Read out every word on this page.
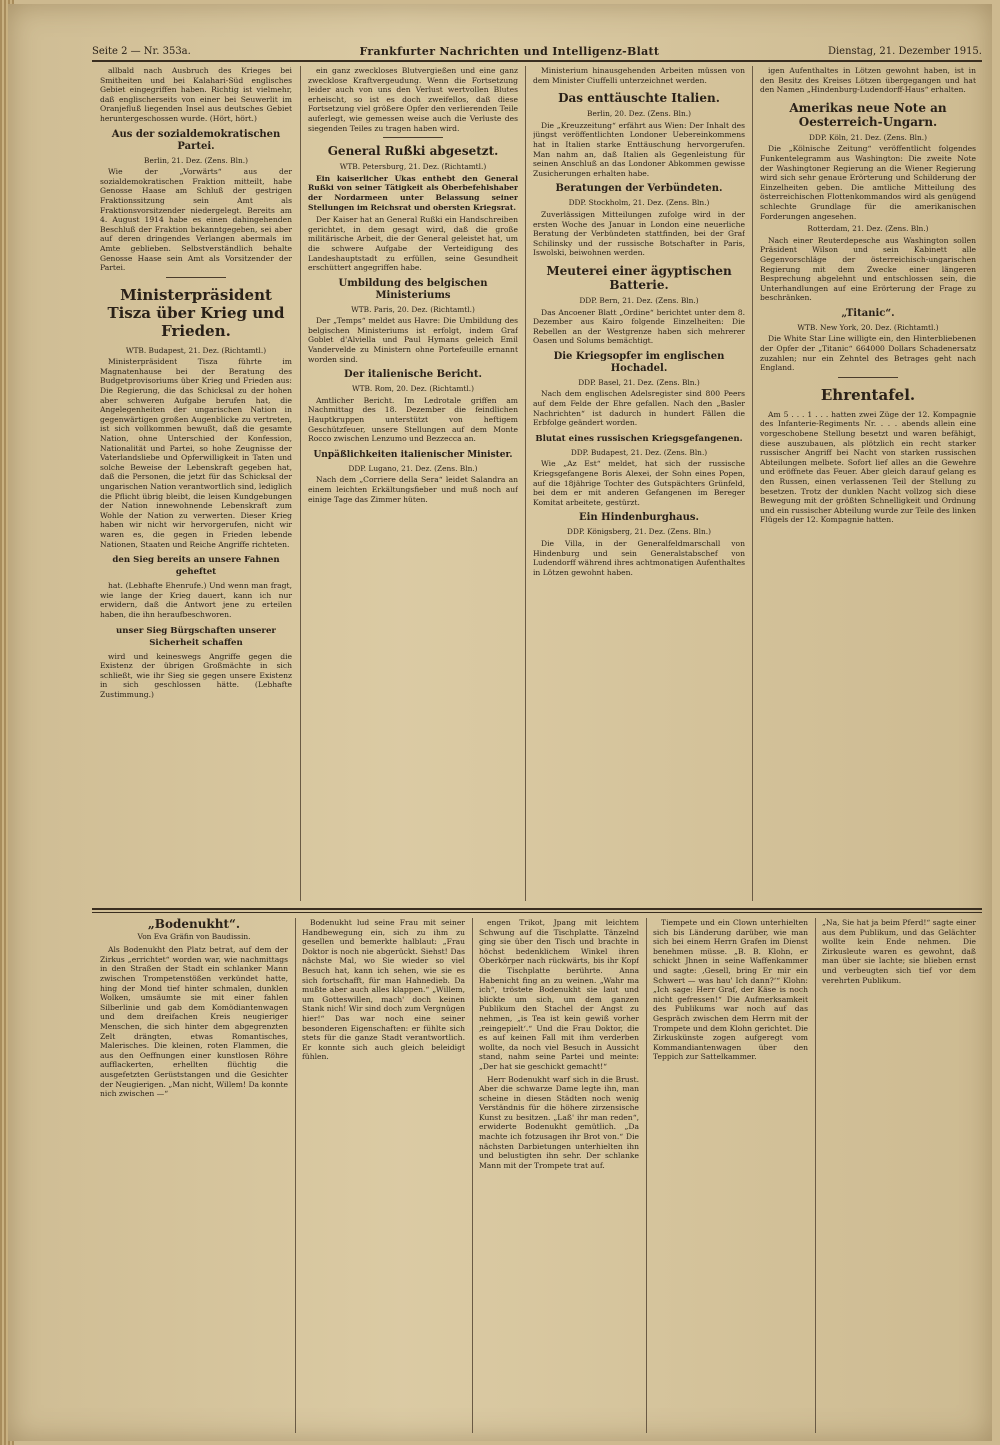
Seite 2 — Nr. 353a.	Frankfurter Nachrichten und Intelligenz-Blatt	Dienstag, 21. Dezember 1915.

allbald nach Ausbruch des Krieges bei Smitheiten und bei Kalahari-Süd englisches Gebiet eingegriffen haben. Richtig ist vielmehr, daß englischerseits von einer bei Seuwerlit im Oranjefluß liegenden Insel aus deutsches Gebiet heruntergeschossen wurde. (Hört, hört.)

Aus der sozialdemokratischen Partei.
Berlin, 21. Dez. (Zens. Bln.)

Wie der „Vorwärts“ aus der sozialdemokratischen Fraktion mitteilt, habe Genosse Haase am Schluß der gestrigen Fraktionssitzung sein Amt als Fraktionsvorsitzender niedergelegt. Bereits am 4. August 1914 habe es einen dahingehenden Beschluß der Fraktion bekanntgegeben, sei aber auf deren dringendes Verlangen abermals im Amte geblieben. Selbstverständlich behalte Genosse Haase sein Amt als Vorsitzender der Partei.

Ministerpräsident Tisza über Krieg und Frieden.
WTB. Budapest, 21. Dez. (Richtamtl.)

Ministerpräsident Tisza führte im Magnatenhause bei der Beratung des Budgetprovisoriums über Krieg und Frieden aus: Die Regierung, die das Schicksal zu der hohen aber schweren Aufgabe berufen hat, die Angelegenheiten der ungarischen Nation in gegenwärtigen großen Augenblicke zu vertreten, ist sich vollkommen bewußt, daß die gesamte Nation, ohne Unterschied der Konfession, Nationalität und Partei, so hohe Zeugnisse der Vaterlandsliebe und Opferwilligkeit in Taten und solche Beweise der Lebenskraft gegeben hat, daß die Personen, die jetzt für das Schicksal der ungarischen Nation verantwortlich sind, lediglich die Pflicht übrig bleibt, die leisen Kundgebungen der Nation innewohnende Lebenskraft zum Wohle der Nation zu verwerten. Dieser Krieg haben wir nicht wir hervorgerufen, nicht wir waren es, die gegen in Frieden lebende Nationen, Staaten und Reiche Angriffe richteten.

den Sieg bereits an unsere Fahnen geheftet

hat. (Lebhafte Ehenrufe.) Und wenn man fragt, wie lange der Krieg dauert, kann ich nur erwidern, daß die Antwort jene zu erteilen haben, die ihn heraufbeschworen.

unser Sieg Bürgschaften unserer Sicherheit schaffen

wird und keineswegs Angriffe gegen die Existenz der übrigen Großmächte in sich schließt, wie ihr Sieg sie gegen unsere Existenz in sich geschlossen hätte. (Lebhafte Zustimmung.)

ein ganz zweckloses Blutvergießen und eine ganz zwecklose Kraftvergeudung. Wenn die Fortsetzung leider auch von uns den Verlust wertvollen Blutes erheischt, so ist es doch zweifellos, daß diese Fortsetzung viel größere Opfer den verlierenden Teile auferlegt, wie gemessen weise auch die Verluste des siegenden Teiles zu tragen haben wird.

General Rußki abgesetzt.
WTB. Petersburg, 21. Dez. (Richtamtl.)

Ein kaiserlicher Ukas enthebt den General Rußki von seiner Tätigkeit als Oberbefehlshaber der Nordarmeen unter Belassung seiner Stellungen im Reichsrat und obersten Kriegsrat.

Der Kaiser hat an General Rußki ein Handschreiben gerichtet, in dem gesagt wird, daß die große militärische Arbeit, die der General geleistet hat, um die schwere Aufgabe der Verteidigung des Landeshauptstadt zu erfüllen, seine Gesundheit erschüttert angegriffen habe.

Umbildung des belgischen Ministeriums
WTB. Paris, 20. Dez. (Richtamtl.)

Der „Temps“ meldet aus Havre: Die Umbildung des belgischen Ministeriums ist erfolgt, indem Graf Goblet d'Alviella und Paul Hymans geleich Emil Vandervelde zu Ministern ohne Portefeuille ernannt worden sind.

Der italienische Bericht.
WTB. Rom, 20. Dez. (Richtamtl.)

Amtlicher Bericht. Im Ledrotale griffen am Nachmittag des 18. Dezember die feindlichen Hauptkruppen unterstützt von heftigem Geschützfeuer, unsere Stellungen auf dem Monte Rocco zwischen Lenzumo und Bezzecca an.

Unpäßlichkeiten italienischer Minister.
DDP. Lugano, 21. Dez. (Zens. Bln.)

Nach dem „Corriere della Sera“ leidet Salandra an einem leichten Erkältungsfieber und muß noch auf einige Tage das Zimmer hüten.

Ministerium hinausgehenden Arbeiten müssen von dem Minister Ciuffelli unterzeichnet werden.

Das enttäuschte Italien.
Berlin, 20. Dez. (Zens. Bln.)

Die „Kreuzzeitung“ erfährt aus Wien: Der Inhalt des jüngst veröffentlichten Londoner Uebereinkommens hat in Italien starke Enttäuschung hervorgerufen. Man nahm an, daß Italien als Gegenleistung für seinen Anschluß an das Londoner Abkommen gewisse Zusicherungen erhalten habe.

Beratungen der Verbündeten.
DDP. Stockholm, 21. Dez. (Zens. Bln.)

Zuverlässigen Mitteilungen zufolge wird in der ersten Woche des Januar in London eine neuerliche Beratung der Verbündeten stattfinden, bei der Graf Schilinsky und der russische Botschafter in Paris, Iswolski, beiwohnen werden.

Meuterei einer ägyptischen Batterie.
DDP. Bern, 21. Dez. (Zens. Bln.)

Das Ancoener Blatt „Ordine“ berichtet unter dem 8. Dezember aus Kairo folgende Einzelheiten: Die Rebellen an der Westgrenze haben sich mehrerer Oasen und Solums bemächtigt.

Die Kriegsopfer im englischen Hochadel.
DDP. Basel, 21. Dez. (Zens. Bln.)

Nach dem englischen Adelsregister sind 800 Peers auf dem Felde der Ehre gefallen. Nach den „Basler Nachrichten“ ist dadurch in hundert Fällen die Erbfolge geändert worden.

Blutat eines russischen Kriegsgefangenen.
DDP. Budapest, 21. Dez. (Zens. Bln.)

Wie „Az Est“ meldet, hat sich der russische Kriegsgefangene Boris Alexei, der Sohn eines Popen, auf die 18jährige Tochter des Gutspächters Grünfeld, bei dem er mit anderen Gefangenen im Bereger Komitat arbeitete, gestürzt.

Ein Hindenburghaus.
DDP. Königsberg, 21. Dez. (Zens. Bln.)

Die Villa, in der Generalfeldmarschall von Hindenburg und sein Generalstabschef von Ludendorff während ihres achtmonatigen Aufenthaltes in Lötzen gewohnt haben.

igen Aufenthaltes in Lötzen gewohnt haben, ist in den Besitz des Kreises Lötzen übergegangen und hat den Namen „Hindenburg-Ludendorff-Haus“ erhalten.

Amerikas neue Note an Oesterreich-Ungarn.
DDP. Köln, 21. Dez. (Zens. Bln.)

Die „Kölnische Zeitung“ veröffentlicht folgendes Funkentelegramm aus Washington: Die zweite Note der Washingtoner Regierung an die Wiener Regierung wird sich sehr genaue Erörterung und Schilderung der Einzelheiten geben. Die amtliche Mitteilung des österreichischen Flottenkommandos wird als genügend schlechte Grundlage für die amerikanischen Forderungen angesehen.

Rotterdam, 21. Dez. (Zens. Bln.)

Nach einer Reuterdepesche aus Washington sollen Präsident Wilson und sein Kabinett alle Gegenvorschläge der österreichisch-ungarischen Regierung mit dem Zwecke einer längeren Besprechung abgelehnt und entschlossen sein, die Unterhandlungen auf eine Erörterung der Frage zu beschränken.

„Titanic“.
WTB. New York, 20. Dez. (Richtamtl.)

Die White Star Line willigte ein, den Hinterbliebenen der Opfer der „Titanic“ 664000 Dollars Schadenersatz zuzahlen; nur ein Zehntel des Betrages geht nach England.

Ehrentafel.

Am 5 . . . 1 . . . hatten zwei Züge der 12. Kompagnie des Infanterie-Regiments Nr. . . . abends allein eine vorgeschobene Stellung besetzt und waren befähigt, diese auszubauen, als plötzlich ein recht starker russischer Angriff bei Nacht von starken russischen Abteilungen melbete. Sofort lief alles an die Gewehre und eröffnete das Feuer. Aber gleich darauf gelang es den Russen, einen verlassenen Teil der Stellung zu besetzen. Trotz der dunklen Nacht vollzog sich diese Bewegung mit der größten Schnelligkeit und Ordnung und ein russischer Abteilung wurde zur Teile des linken Flügels der 12. Kompagnie hatten.

„Bodenukht“.
Von Eva Gräfin von Baudissin.

Als Bodenukht den Platz betrat, auf dem der Zirkus „errichtet“ worden war, wie nachmittags in den Straßen der Stadt ein schlanker Mann zwischen Trompetenstößen verkündet hatte, hing der Mond tief hinter schmalen, dunklen Wolken, umsäumte sie mit einer fahlen Silberlinie und gab dem Komödiantenwagen und dem dreifachen Kreis neugieriger Menschen, die sich hinter dem abgegrenzten Zelt drängten, etwas Romantisches, Malerisches. Die kleinen, roten Flammen, die aus den Oeffnungen einer kunstlosen Röhre aufflackerten, erhellten flüchtig die ausgefetzten Gerüststangen und die Gesichter der Neugierigen. „Man nicht, Willem! Da konnte nich zwischen —“

Bodenukht lud seine Frau mit seiner Handbewegung ein, sich zu ihm zu gesellen und bemerkte halblaut: „Frau Doktor is noch nie abgerückt. Siehst! Das nächste Mal, wo Sie wieder so viel Besuch hat, kann ich sehen, wie sie es sich fortschafft, für man Hahnedieb. Da mußte aber auch alles klappen.“ „Willem, um Gotteswillen, mach' doch keinen Stank nich! Wir sind doch zum Vergnügen hier!“ Das war noch eine seiner besonderen Eigenschaften: er fühlte sich stets für die ganze Stadt verantwortlich. Er konnte sich auch gleich beleidigt fühlen.

engen Trikot, Jpang mit leichtem Schwung auf die Tischplatte. Tänzelnd ging sie über den Tisch und brachte in höchst bedenklichem Winkel ihren Oberkörper nach rückwärts, bis ihr Kopf die Tischplatte berührte. Anna Habenicht fing an zu weinen. „Wahr ma ich“, tröstete Bodenukht sie laut und blickte um sich, um dem ganzen Publikum den Stachel der Angst zu nehmen, „is Tea ist kein gewiß vorher ‚reingepielt‘.“ Und die Frau Doktor, die es auf keinen Fall mit ihm verderben wollte, da noch viel Besuch in Aussicht stand, nahm seine Partei und meinte: „Der hat sie geschickt gemacht!“

Herr Bodenukht warf sich in die Brust. Aber die schwarze Dame legte ihn, man scheine in diesen Städten noch wenig Verständnis für die höhere zirzensische Kunst zu besitzen. „Laß' ihr man reden“, erwiderte Bodenukht gemütlich. „Da machte ich fotzusagen ihr Brot von.“ Die nächsten Darbietungen unterhielten ihn und belustigten ihn sehr. Der schlanke Mann mit der Trompete trat auf.

Tiempete und ein Clown unterhielten sich bis Länderung darüber, wie man sich bei einem Herrn Grafen im Dienst benehmen müsse. „B. B. Klohn, er schickt Jhnen in seine Waffenkammer und sagte: ‚Gesell, bring Er mir ein Schwert — was hau' Ich dann?‘“ Klohn: „Ich sage: Herr Graf, der Käse is noch nicht gefressen!“ Die Aufmerksamkeit des Publikums war noch auf das Gespräch zwischen dem Herrn mit der Trompete und dem Klohn gerichtet. Die Zirkuskünste zogen aufgeregt vom Kommandiantenwagen über den Teppich zur Sattelkammer.

„Na, Sie hat ja beim Pferd!“ sagte einer aus dem Publikum, und das Gelächter wollte kein Ende nehmen. Die Zirkusleute waren es gewohnt, daß man über sie lachte; sie blieben ernst und verbeugten sich tief vor dem verehrten Publikum.
